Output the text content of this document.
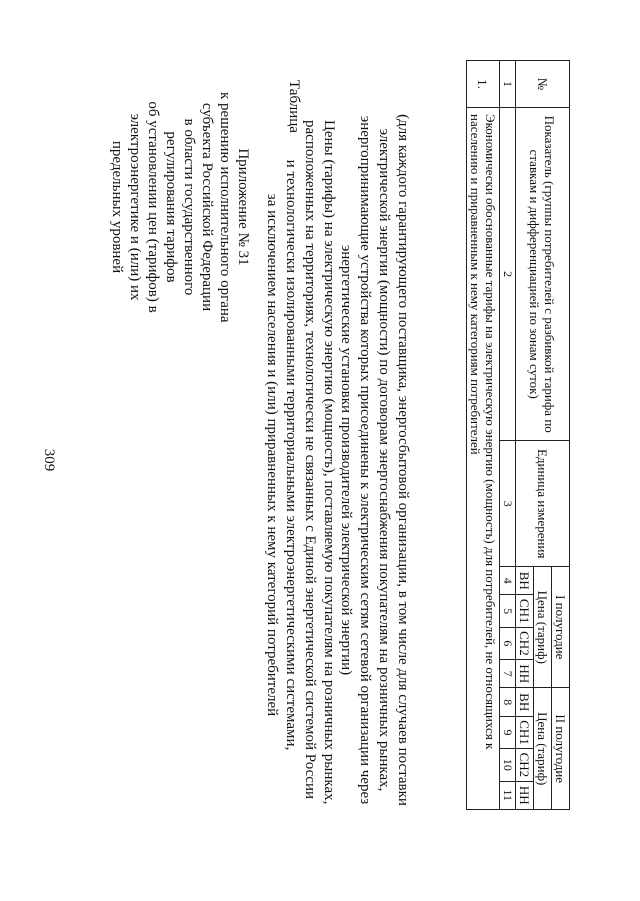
309
Приложение № 31
к решению исполнительного органа
субъекта Российской Федерации
в области государственного
регулирования тарифов
об установлении цен (тарифов) в
электроэнергетике и (или) их
предельных уровней
Таблица
Цены (тарифы) на электрическую энергию (мощность), поставляемую покупателям на розничных рынках,
расположенных на территориях, технологически не связанных с Единой энергетической системой России
и технологически изолированными территориальными электроэнергетическими системами,
за исключением населения и (или) приравненных к нему категорий потребителей	(для каждого гарантирующего поставщика, энергосбытовой организации, в том числе для случаев поставки
электрической энергии (мощности) по договорам энергоснабжения покупателям на розничных рынках,
энергопринимающие устройства которых присоединены к электрическим сетям сетевой организации через
энергетические установки производителей электрической энергии)
№	Показатель (группы потребителей с разбивкой тарифа по ставкам и дифференциацией по зонам суток)	Единица измерения	I полугодие				II полугодие			
			Цена (тариф)				Цена (тариф)			
			ВН	СН1	СН2	НН	ВН	СН1	СН2	НН
1	2	3	4	5	6	7	8	9	10	11
1.	Экономически обоснованные тарифы на электрическую энергию (мощность) для потребителей, не относящихся к населению и приравненным к нему категориям потребителей									
